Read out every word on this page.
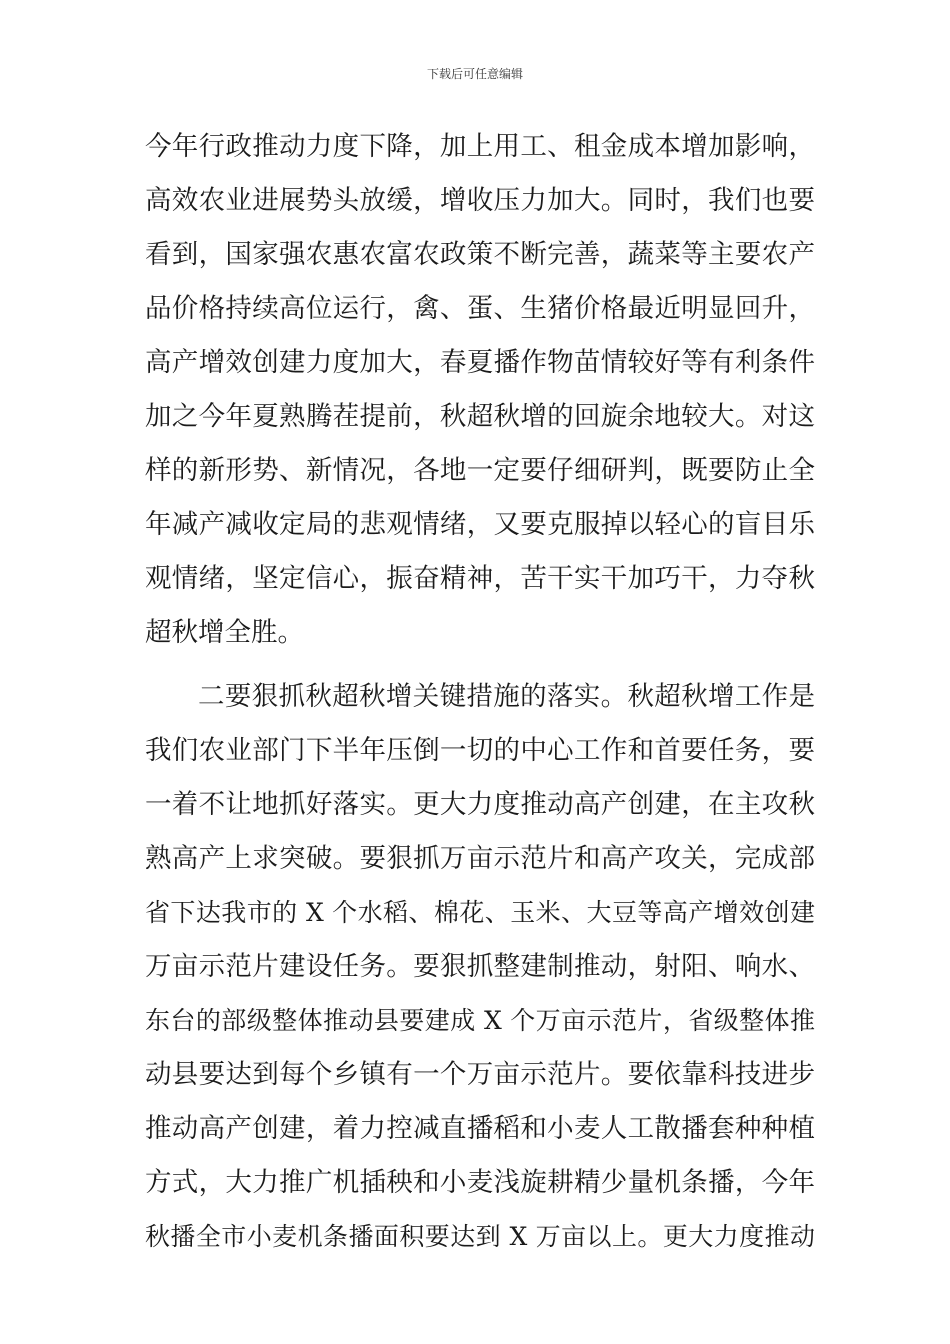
下载后可任意编辑
今年行政推动力度下降，加上用工、租金成本增加影响，
高效农业进展势头放缓，增收压力加大。同时，我们也要
看到，国家强农惠农富农政策不断完善，蔬菜等主要农产
品价格持续高位运行，禽、蛋、生猪价格最近明显回升，
高产增效创建力度加大，春夏播作物苗情较好等有利条件
加之今年夏熟腾茬提前，秋超秋增的回旋余地较大。对这
样的新形势、新情况，各地一定要仔细研判，既要防止全
年减产减收定局的悲观情绪，又要克服掉以轻心的盲目乐
观情绪，坚定信心，振奋精神，苦干实干加巧干，力夺秋
超秋增全胜。
二要狠抓秋超秋增关键措施的落实。秋超秋增工作是
我们农业部门下半年压倒一切的中心工作和首要任务，要
一着不让地抓好落实。更大力度推动高产创建，在主攻秋
熟高产上求突破。要狠抓万亩示范片和高产攻关，完成部
省下达我市的 X 个水稻、棉花、玉米、大豆等高产增效创建
万亩示范片建设任务。要狠抓整建制推动，射阳、响水、
东台的部级整体推动县要建成 X 个万亩示范片，省级整体推
动县要达到每个乡镇有一个万亩示范片。要依靠科技进步
推动高产创建，着力控减直播稻和小麦人工散播套种种植
方式，大力推广机插秧和小麦浅旋耕精少量机条播，今年
秋播全市小麦机条播面积要达到 X 万亩以上。更大力度推动
